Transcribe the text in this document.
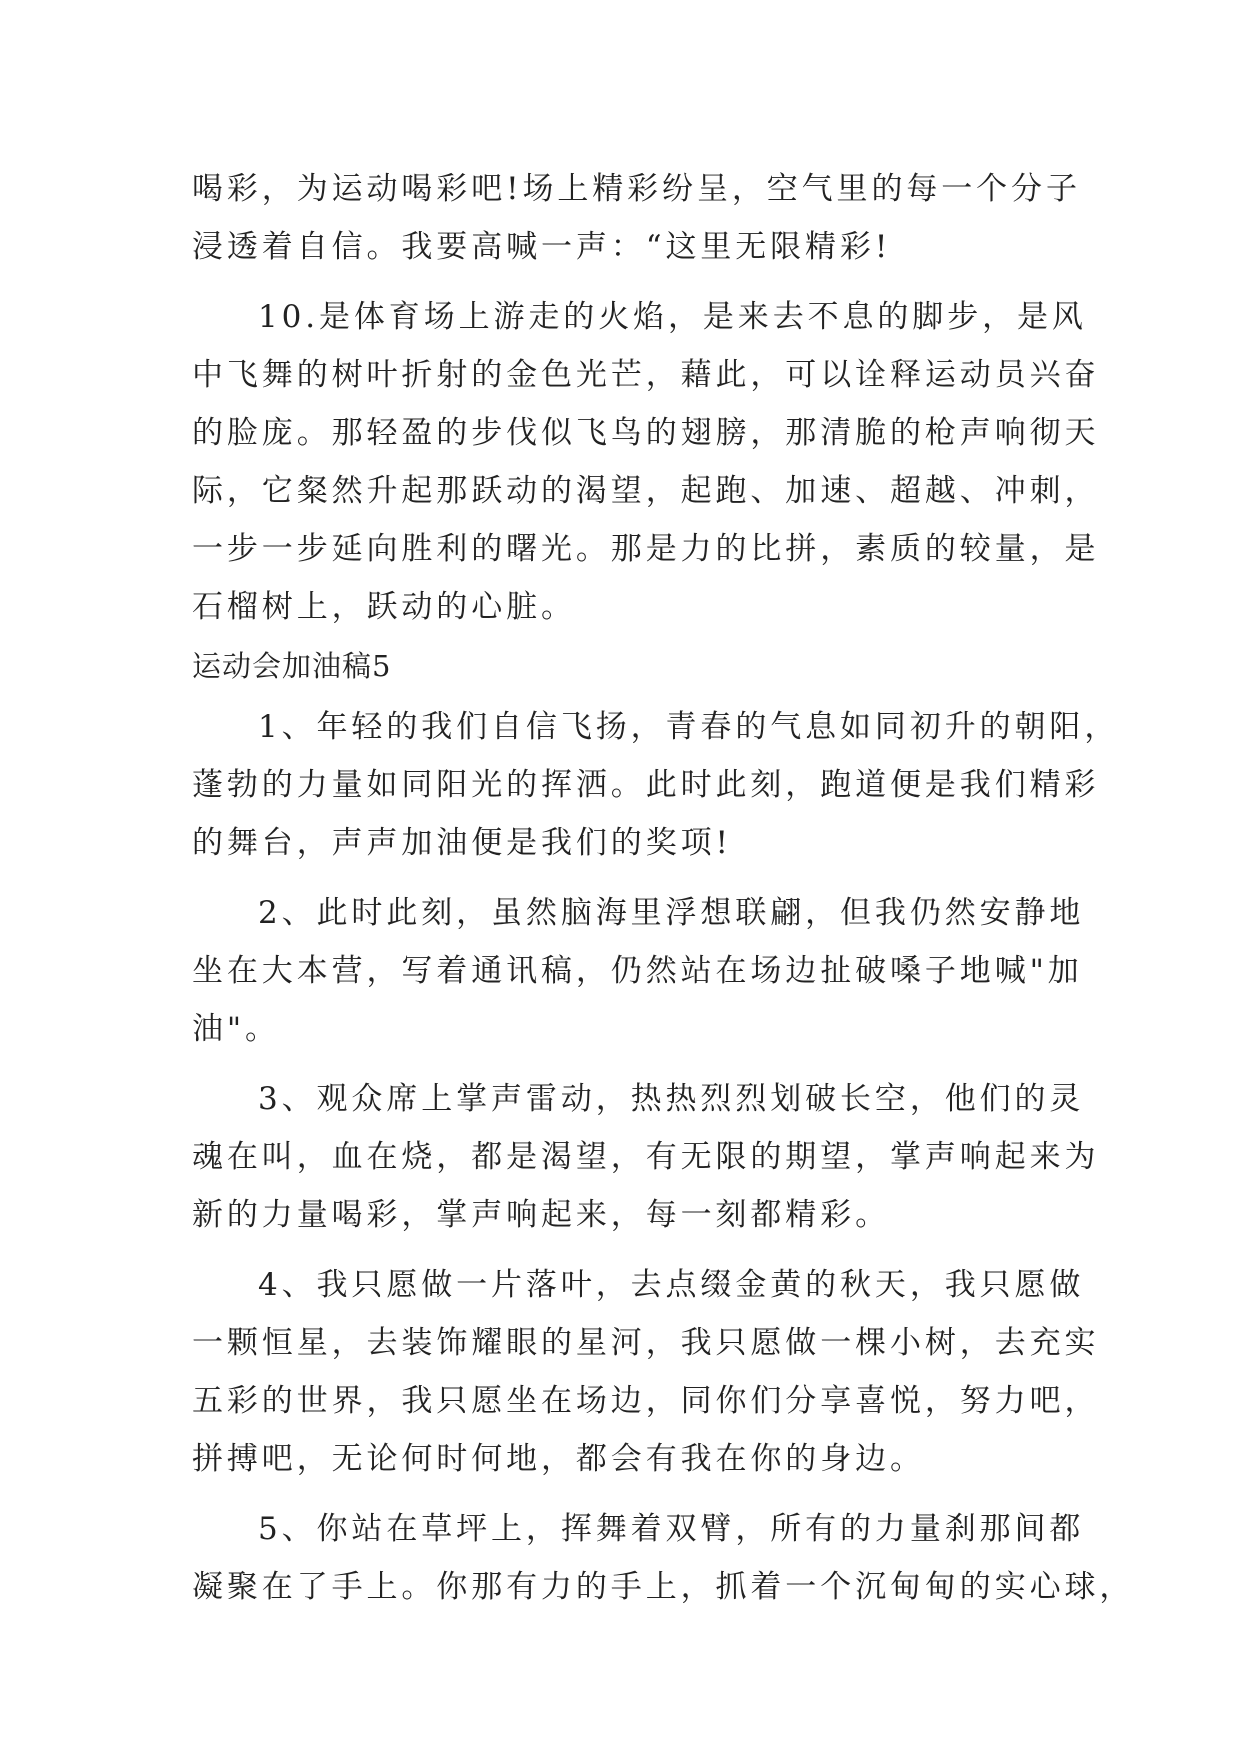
喝彩，为运动喝彩吧!场上精彩纷呈，空气里的每一个分子
浸透着自信。我要高喊一声：“这里无限精彩!
10.是体育场上游走的火焰，是来去不息的脚步，是风
中飞舞的树叶折射的金色光芒，藉此，可以诠释运动员兴奋
的脸庞。那轻盈的步伐似飞鸟的翅膀，那清脆的枪声响彻天
际，它粲然升起那跃动的渴望，起跑、加速、超越、冲刺，
一步一步延向胜利的曙光。那是力的比拼，素质的较量，是
石榴树上，跃动的心脏。
运动会加油稿5
1、年轻的我们自信飞扬，青春的气息如同初升的朝阳，
蓬勃的力量如同阳光的挥洒。此时此刻，跑道便是我们精彩
的舞台，声声加油便是我们的奖项!
2、此时此刻，虽然脑海里浮想联翩，但我仍然安静地
坐在大本营，写着通讯稿，仍然站在场边扯破嗓子地喊"加
油"。
3、观众席上掌声雷动，热热烈烈划破长空，他们的灵
魂在叫，血在烧，都是渴望，有无限的期望，掌声响起来为
新的力量喝彩，掌声响起来，每一刻都精彩。
4、我只愿做一片落叶，去点缀金黄的秋天，我只愿做
一颗恒星，去装饰耀眼的星河，我只愿做一棵小树，去充实
五彩的世界，我只愿坐在场边，同你们分享喜悦，努力吧，
拼搏吧，无论何时何地，都会有我在你的身边。
5、你站在草坪上，挥舞着双臂，所有的力量刹那间都
凝聚在了手上。你那有力的手上，抓着一个沉甸甸的实心球，
